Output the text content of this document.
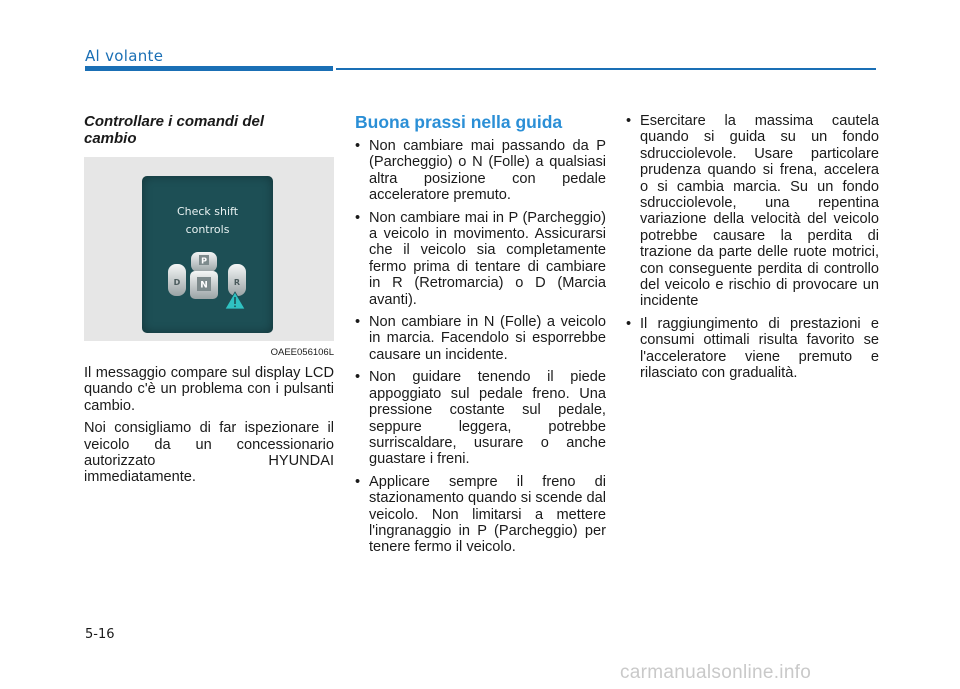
Al volante
Controllare i comandi del cambio
Check shift
controls
P
D N	R
OAEE056106L

Il messaggio compare sul display LCD quando c'è un problema con i pulsanti cambio.

Noi consigliamo di far ispezionare il veicolo da un concessionario autorizzato HYUNDAI immediatamente.

Buona prassi nella guida
• Non cambiare mai passando da P (Parcheggio) o N (Folle) a qualsiasi altra posizione con pedale acceleratore premuto.
• Non cambiare mai in P (Parcheggio) a veicolo in movimento. Assicurarsi che il veicolo sia completamente fermo prima di tentare di cambiare in R (Retromarcia) o D (Marcia avanti).
• Non cambiare in N (Folle) a veicolo in marcia. Facendolo si esporrebbe causare un incidente.
• Non guidare tenendo il piede appoggiato sul pedale freno. Una pressione costante sul pedale, seppure leggera, potrebbe surriscaldare, usurare o anche guastare i freni.
• Applicare sempre il freno di stazionamento quando si scende dal veicolo. Non limitarsi a mettere l'ingranaggio in P (Parcheggio) per tenere fermo il veicolo.
• Esercitare la massima cautela quando si guida su un fondo sdrucciolevole. Usare particolare prudenza quando si frena, accelera o si cambia marcia. Su un fondo sdrucciolevole, una repentina variazione della velocità del veicolo potrebbe causare la perdita di trazione da parte delle ruote motrici, con conseguente perdita di controllo del veicolo e rischio di provocare un incidente
• Il raggiungimento di prestazioni e consumi ottimali risulta favorito se l'acceleratore viene premuto e rilasciato con gradualità.
5-16
carmanualsonline.info
